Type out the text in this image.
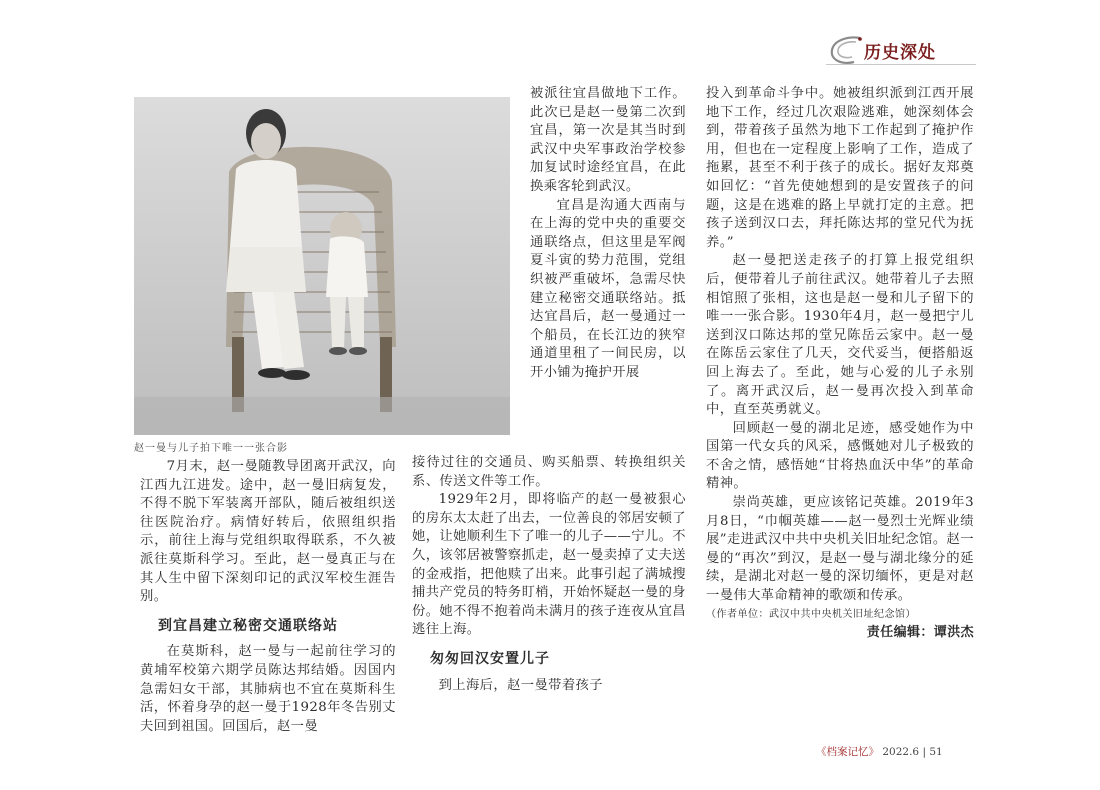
历史深处
赵一曼与儿子拍下唯一一张合影

7月末，赵一曼随教导团离开武汉，向江西九江进发。途中，赵一曼旧病复发，不得不脱下军装离开部队，随后被组织送往医院治疗。病情好转后，依照组织指示，前往上海与党组织取得联系，不久被派往莫斯科学习。至此，赵一曼真正与在其人生中留下深刻印记的武汉军校生涯告别。

到宜昌建立秘密交通联络站

在莫斯科，赵一曼与一起前往学习的黄埔军校第六期学员陈达邦结婚。因国内急需妇女干部，其肺病也不宜在莫斯科生活，怀着身孕的赵一曼于1928年冬告别丈夫回到祖国。回国后，赵一曼

被派往宜昌做地下工作。此次已是赵一曼第二次到宜昌，第一次是其当时到武汉中央军事政治学校参加复试时途经宜昌，在此换乘客轮到武汉。

宜昌是沟通大西南与在上海的党中央的重要交通联络点，但这里是军阀夏斗寅的势力范围，党组织被严重破坏，急需尽快建立秘密交通联络站。抵达宜昌后，赵一曼通过一个船员，在长江边的狭窄通道里租了一间民房，以开小铺为掩护开展

接待过往的交通员、购买船票、转换组织关系、传送文件等工作。

1929年2月，即将临产的赵一曼被狠心的房东太太赶了出去，一位善良的邻居安顿了她，让她顺利生下了唯一的儿子——宁儿。不久，该邻居被警察抓走，赵一曼卖掉了丈夫送的金戒指，把他赎了出来。此事引起了满城搜捕共产党员的特务盯梢，开始怀疑赵一曼的身份。她不得不抱着尚未满月的孩子连夜从宜昌逃往上海。

匆匆回汉安置儿子

到上海后，赵一曼带着孩子

投入到革命斗争中。她被组织派到江西开展地下工作，经过几次艰险逃难，她深刻体会到，带着孩子虽然为地下工作起到了掩护作用，但也在一定程度上影响了工作，造成了拖累，甚至不利于孩子的成长。据好友郑奠如回忆：“首先使她想到的是安置孩子的问题，这是在逃难的路上早就打定的主意。把孩子送到汉口去，拜托陈达邦的堂兄代为抚养。”

赵一曼把送走孩子的打算上报党组织后，便带着儿子前往武汉。她带着儿子去照相馆照了张相，这也是赵一曼和儿子留下的唯一一张合影。1930年4月，赵一曼把宁儿送到汉口陈达邦的堂兄陈岳云家中。赵一曼在陈岳云家住了几天，交代妥当，便搭船返回上海去了。至此，她与心爱的儿子永别了。离开武汉后，赵一曼再次投入到革命中，直至英勇就义。

回顾赵一曼的湖北足迹，感受她作为中国第一代女兵的风采，感慨她对儿子极致的不舍之情，感悟她“甘将热血沃中华”的革命精神。

崇尚英雄，更应该铭记英雄。2019年3月8日，“巾帼英雄——赵一曼烈士光辉业绩展”走进武汉中共中央机关旧址纪念馆。赵一曼的“再次”到汉，是赵一曼与湖北缘分的延续，是湖北对赵一曼的深切缅怀，更是对赵一曼伟大革命精神的歌颂和传承。

（作者单位：武汉中共中央机关旧址纪念馆）

责任编辑：谭洪杰

《档案记忆》 2022.6 | 51
